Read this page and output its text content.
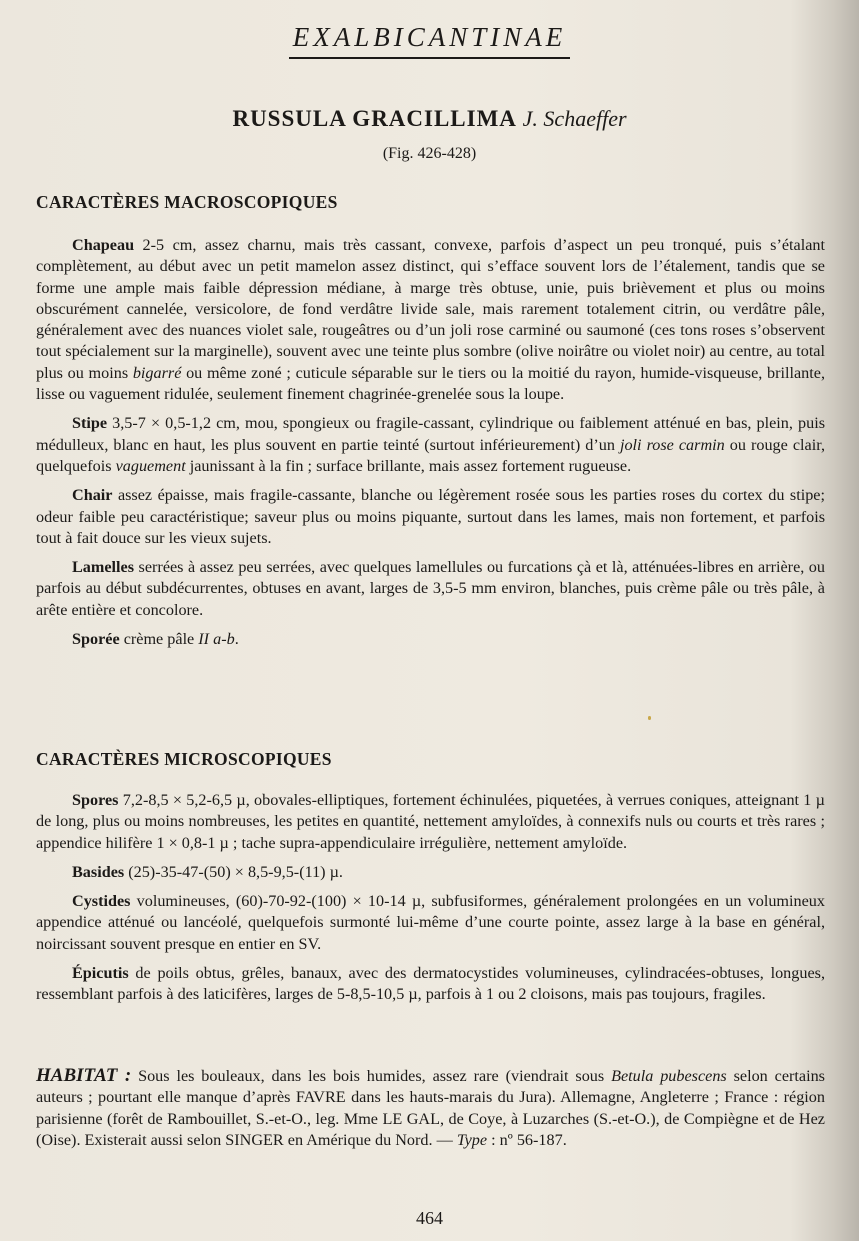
EXALBICANTINAE
RUSSULA GRACILLIMA J. Schaeffer
(Fig. 426-428)
CARACTÈRES MACROSCOPIQUES

Chapeau 2-5 cm, assez charnu, mais très cassant, convexe, parfois d’aspect un peu tronqué, puis s’étalant complètement, au début avec un petit mamelon assez distinct, qui s’efface souvent lors de l’étalement, tandis que se forme une ample mais faible dépression médiane, à marge très obtuse, unie, puis brièvement et plus ou moins obscurément cannelée, versicolore, de fond verdâtre livide sale, mais rarement totalement citrin, ou verdâtre pâle, généralement avec des nuances violet sale, rougeâtres ou d’un joli rose carminé ou saumoné (ces tons roses s’observent tout spécialement sur la marginelle), souvent avec une teinte plus sombre (olive noirâtre ou violet noir) au centre, au total plus ou moins bigarré ou même zoné ; cuticule séparable sur le tiers ou la moitié du rayon, humide-visqueuse, brillante, lisse ou vaguement ridulée, seulement finement chagrinée-grenelée sous la loupe.

Stipe 3,5-7 × 0,5-1,2 cm, mou, spongieux ou fragile-cassant, cylindrique ou faiblement atténué en bas, plein, puis médulleux, blanc en haut, les plus souvent en partie teinté (surtout inférieurement) d’un joli rose carmin ou rouge clair, quelquefois vaguement jaunissant à la fin ; surface brillante, mais assez fortement rugueuse.

Chair assez épaisse, mais fragile-cassante, blanche ou légèrement rosée sous les parties roses du cortex du stipe; odeur faible peu caractéristique; saveur plus ou moins piquante, surtout dans les lames, mais non fortement, et parfois tout à fait douce sur les vieux sujets.

Lamelles serrées à assez peu serrées, avec quelques lamellules ou furcations çà et là, atténuées-libres en arrière, ou parfois au début subdécurrentes, obtuses en avant, larges de 3,5-5 mm environ, blanches, puis crème pâle ou très pâle, à arête entière et concolore.

Sporée crème pâle II a-b.

CARACTÈRES MICROSCOPIQUES

Spores 7,2-8,5 × 5,2-6,5 µ, obovales-elliptiques, fortement échinulées, piquetées, à verrues coniques, atteignant 1 µ de long, plus ou moins nombreuses, les petites en quantité, nettement amyloïdes, à connexifs nuls ou courts et très rares ; appendice hilifère 1 × 0,8-1 µ ; tache supra-appendiculaire irrégulière, nettement amyloïde.

Basides (25)-35-47-(50) × 8,5-9,5-(11) µ.

Cystides volumineuses, (60)-70-92-(100) × 10-14 µ, subfusiformes, généralement prolongées en un volumineux appendice atténué ou lancéolé, quelquefois surmonté lui-même d’une courte pointe, assez large à la base en général, noircissant souvent presque en entier en SV.

Épicutis de poils obtus, grêles, banaux, avec des dermatocystides volumineuses, cylindracées-obtuses, longues, ressemblant parfois à des laticifères, larges de 5-8,5-10,5 µ, parfois à 1 ou 2 cloisons, mais pas toujours, fragiles.

HABITAT : Sous les bouleaux, dans les bois humides, assez rare (viendrait sous Betula pubescens selon certains auteurs ; pourtant elle manque d’après FAVRE dans les hauts-marais du Jura). Allemagne, Angleterre ; France : région parisienne (forêt de Rambouillet, S.-et-O., leg. Mme LE GAL, de Coye, à Luzarches (S.-et-O.), de Compiègne et de Hez (Oise). Existerait aussi selon SINGER en Amérique du Nord. — Type : nº 56-187.
464
